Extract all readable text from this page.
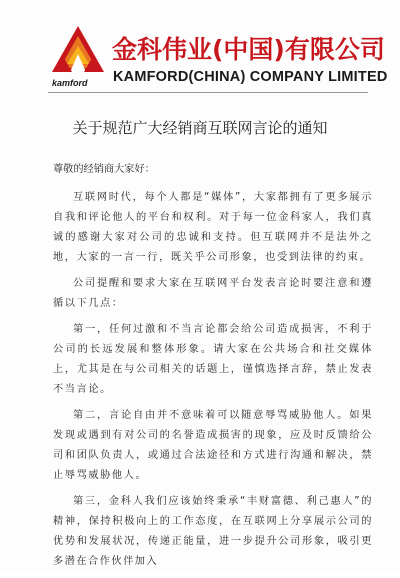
kamford
金科伟业(中国)有限公司
KAMFORD(CHINA) COMPANY LIMITED
关于规范广大经销商互联网言论的通知
尊敬的经销商大家好：

互联网时代，每个人都是“媒体”，大家都拥有了更多展示自我和评论他人的平台和权利。对于每一位金科家人，我们真诚的感谢大家对公司的忠诚和支持。但互联网并不是法外之地，大家的一言一行，既关乎公司形象，也受到法律的约束。

公司提醒和要求大家在互联网平台发表言论时要注意和遵循以下几点：

第一，任何过激和不当言论都会给公司造成损害，不利于公司的长远发展和整体形象。请大家在公共场合和社交媒体上，尤其是在与公司相关的话题上，谨慎选择言辞，禁止发表不当言论。

第二，言论自由并不意味着可以随意辱骂威胁他人。如果发现或遇到有对公司的名誉造成损害的现象，应及时反馈给公司和团队负责人，或通过合法途径和方式进行沟通和解决，禁止辱骂威胁他人。

第三，金科人我们应该始终秉承“丰财富德、利己惠人”的精神，保持积极向上的工作态度，在互联网上分享展示公司的优势和发展状况，传递正能量，进一步提升公司形象，吸引更多潜在合作伙伴加入
